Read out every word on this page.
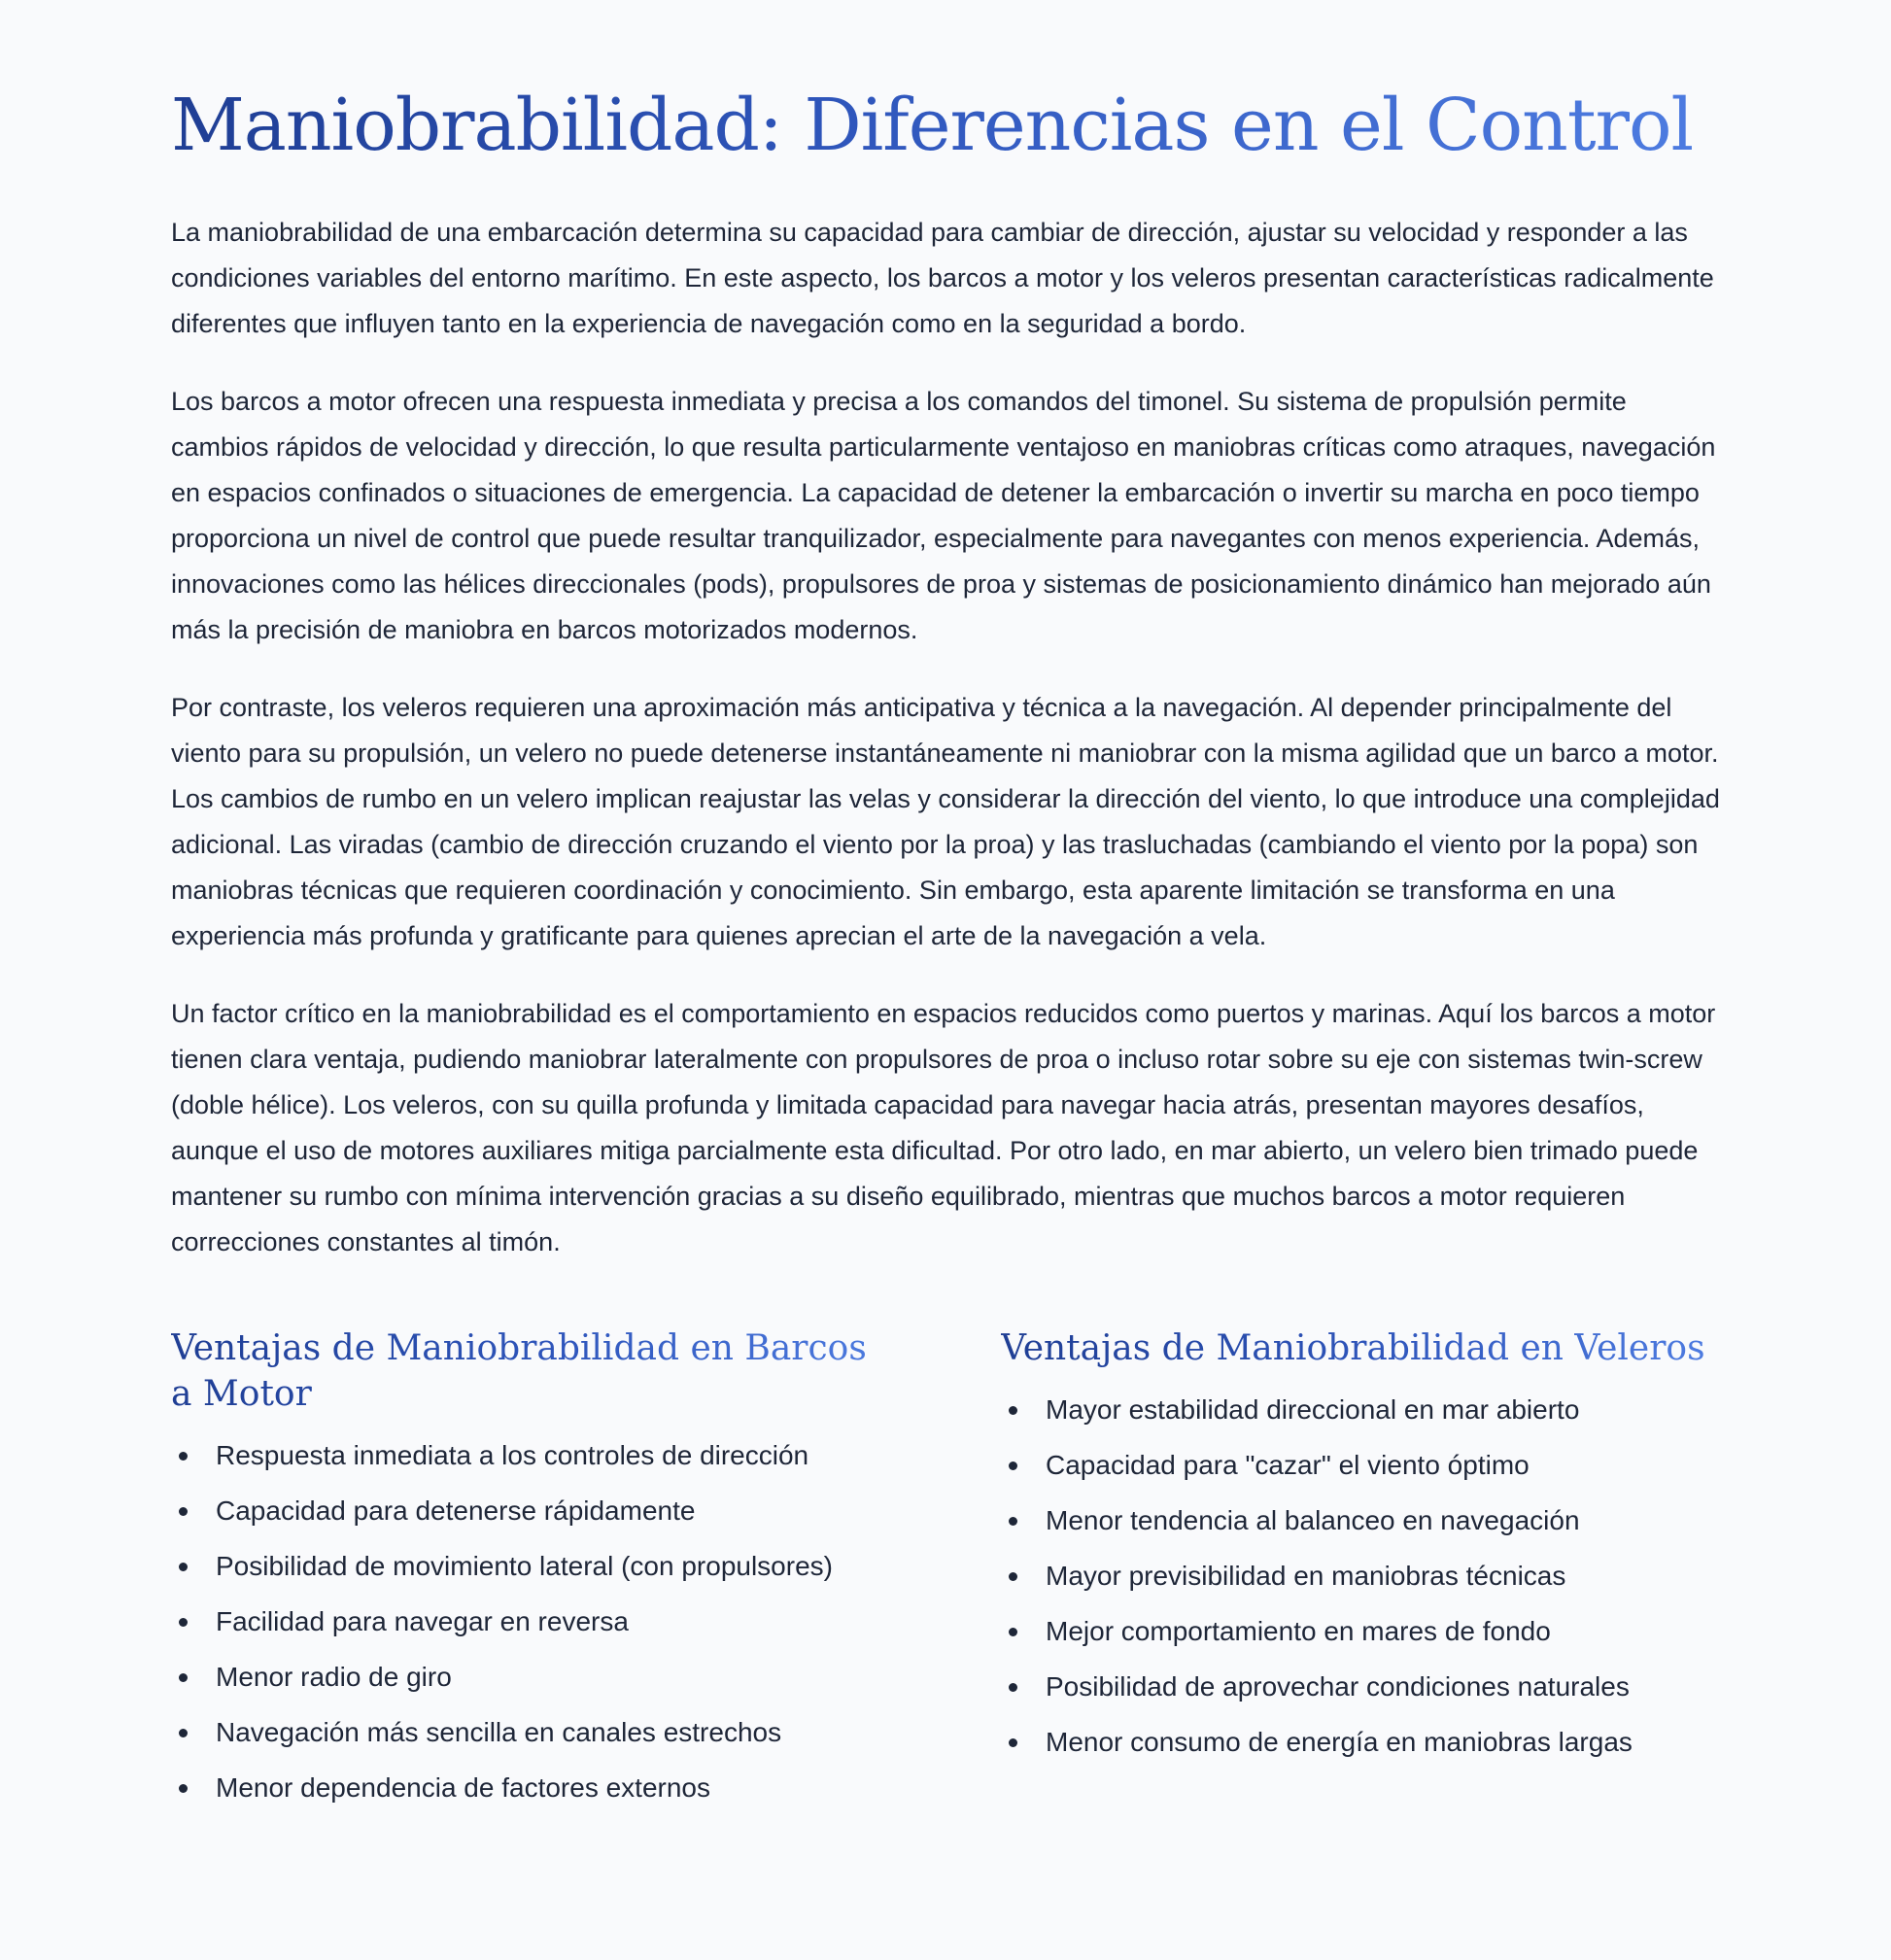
Maniobrabilidad: Diferencias en el Control

La maniobrabilidad de una embarcación determina su capacidad para cambiar de dirección, ajustar su velocidad y responder a las condiciones variables del entorno marítimo. En este aspecto, los barcos a motor y los veleros presentan características radicalmente diferentes que influyen tanto en la experiencia de navegación como en la seguridad a bordo.

Los barcos a motor ofrecen una respuesta inmediata y precisa a los comandos del timonel. Su sistema de propulsión permite cambios rápidos de velocidad y dirección, lo que resulta particularmente ventajoso en maniobras críticas como atraques, navegación en espacios confinados o situaciones de emergencia. La capacidad de detener la embarcación o invertir su marcha en poco tiempo proporciona un nivel de control que puede resultar tranquilizador, especialmente para navegantes con menos experiencia. Además, innovaciones como las hélices direccionales (pods), propulsores de proa y sistemas de posicionamiento dinámico han mejorado aún más la precisión de maniobra en barcos motorizados modernos.

Por contraste, los veleros requieren una aproximación más anticipativa y técnica a la navegación. Al depender principalmente del viento para su propulsión, un velero no puede detenerse instantáneamente ni maniobrar con la misma agilidad que un barco a motor. Los cambios de rumbo en un velero implican reajustar las velas y considerar la dirección del viento, lo que introduce una complejidad adicional. Las viradas (cambio de dirección cruzando el viento por la proa) y las trasluchadas (cambiando el viento por la popa) son maniobras técnicas que requieren coordinación y conocimiento. Sin embargo, esta aparente limitación se transforma en una experiencia más profunda y gratificante para quienes aprecian el arte de la navegación a vela.

Un factor crítico en la maniobrabilidad es el comportamiento en espacios reducidos como puertos y marinas. Aquí los barcos a motor tienen clara ventaja, pudiendo maniobrar lateralmente con propulsores de proa o incluso rotar sobre su eje con sistemas twin-screw (doble hélice). Los veleros, con su quilla profunda y limitada capacidad para navegar hacia atrás, presentan mayores desafíos, aunque el uso de motores auxiliares mitiga parcialmente esta dificultad. Por otro lado, en mar abierto, un velero bien trimado puede mantener su rumbo con mínima intervención gracias a su diseño equilibrado, mientras que muchos barcos a motor requieren correcciones constantes al timón.

Ventajas de Maniobrabilidad en Barcos a Motor
Respuesta inmediata a los controles de dirección
Capacidad para detenerse rápidamente
Posibilidad de movimiento lateral (con propulsores)
Facilidad para navegar en reversa
Menor radio de giro
Navegación más sencilla en canales estrechos
Menor dependencia de factores externos
Ventajas de Maniobrabilidad en Veleros
Mayor estabilidad direccional en mar abierto
Capacidad para "cazar" el viento óptimo
Menor tendencia al balanceo en navegación
Mayor previsibilidad en maniobras técnicas
Mejor comportamiento en mares de fondo
Posibilidad de aprovechar condiciones naturales
Menor consumo de energía en maniobras largas
